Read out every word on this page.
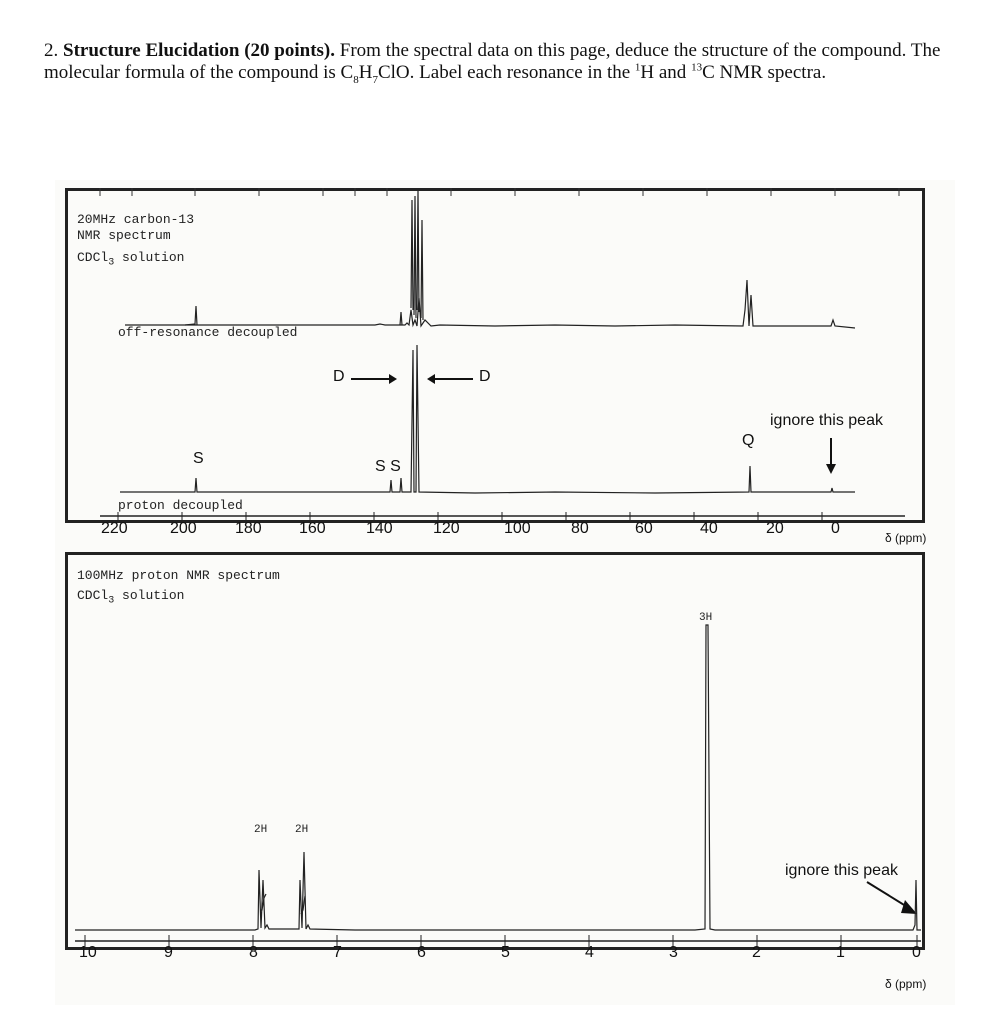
2. Structure Elucidation (20 points). From the spectral data on this page, deduce the structure of the compound. The molecular formula of the compound is $C_8H_7ClO$. Label each resonance in the $^1$H and $^{13}$C NMR spectra.
20MHz carbon-13
NMR spectrum
CDCl$_3$ solution
off-resonance decoupled
D	D
S	S S
Q
ignore this peak
proton decoupled
220	200 180 160	140	120	100	80	60	40	20	0
δ (ppm)
100MHz proton NMR spectrum
CDCl$_3$ solution
3H
2H	2H
ignore this peak
10	9	8	7	6	5	4	3	2	1	0
δ (ppm)
